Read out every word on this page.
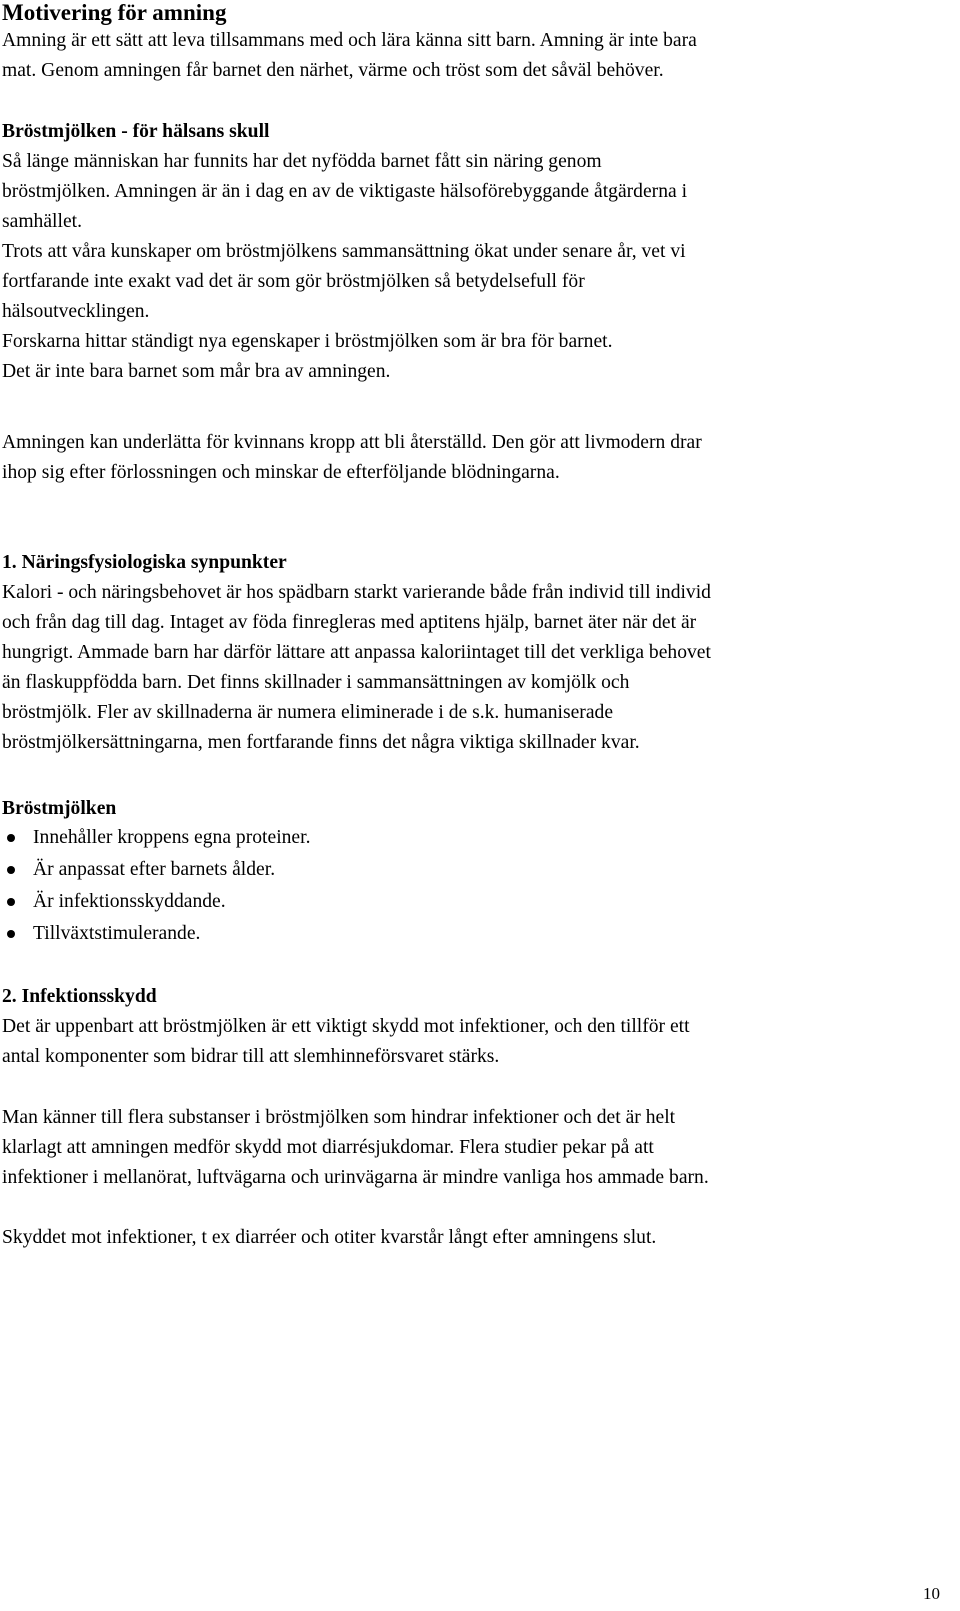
Motivering för amning
Amning är ett sätt att leva tillsammans med och lära känna sitt barn. Amning är inte bara
mat. Genom amningen får barnet den närhet, värme och tröst som det såväl behöver.
Bröstmjölken - för hälsans skull
Så länge människan har funnits har det nyfödda barnet fått sin näring genom
bröstmjölken. Amningen är än i dag en av de viktigaste hälsoförebyggande åtgärderna i
samhället.
Trots att våra kunskaper om bröstmjölkens sammansättning ökat under senare år, vet vi
fortfarande inte exakt vad det är som gör bröstmjölken så betydelsefull för
hälsoutvecklingen.
Forskarna hittar ständigt nya egenskaper i bröstmjölken som är bra för barnet.
Det är inte bara barnet som mår bra av amningen.
Amningen kan underlätta för kvinnans kropp att bli återställd. Den gör att livmodern drar
ihop sig efter förlossningen och minskar de efterföljande blödningarna.
1. Näringsfysiologiska synpunkter
Kalori - och näringsbehovet är hos spädbarn starkt varierande både från individ till individ
och från dag till dag. Intaget av föda finregleras med aptitens hjälp, barnet äter när det är
hungrigt. Ammade barn har därför lättare att anpassa kaloriintaget till det verkliga behovet
än flaskuppfödda barn. Det finns skillnader i sammansättningen av komjölk och
bröstmjölk. Fler av skillnaderna är numera eliminerade i de s.k. humaniserade
bröstmjölkersättningarna, men fortfarande finns det några viktiga skillnader kvar.
Bröstmjölken
Innehåller kroppens egna proteiner.
Är anpassat efter barnets ålder.
Är infektionsskyddande.
Tillväxtstimulerande.
2. Infektionsskydd
Det är uppenbart att bröstmjölken är ett viktigt skydd mot infektioner, och den tillför ett
antal komponenter som bidrar till att slemhinneförsvaret stärks.
Man känner till flera substanser i bröstmjölken som hindrar infektioner och det är helt
klarlagt att amningen medför skydd mot diarrésjukdomar. Flera studier pekar på att
infektioner i mellanörat, luftvägarna och urinvägarna är mindre vanliga hos ammade barn.
Skyddet mot infektioner, t ex diarréer och otiter kvarstår långt efter amningens slut.
10
